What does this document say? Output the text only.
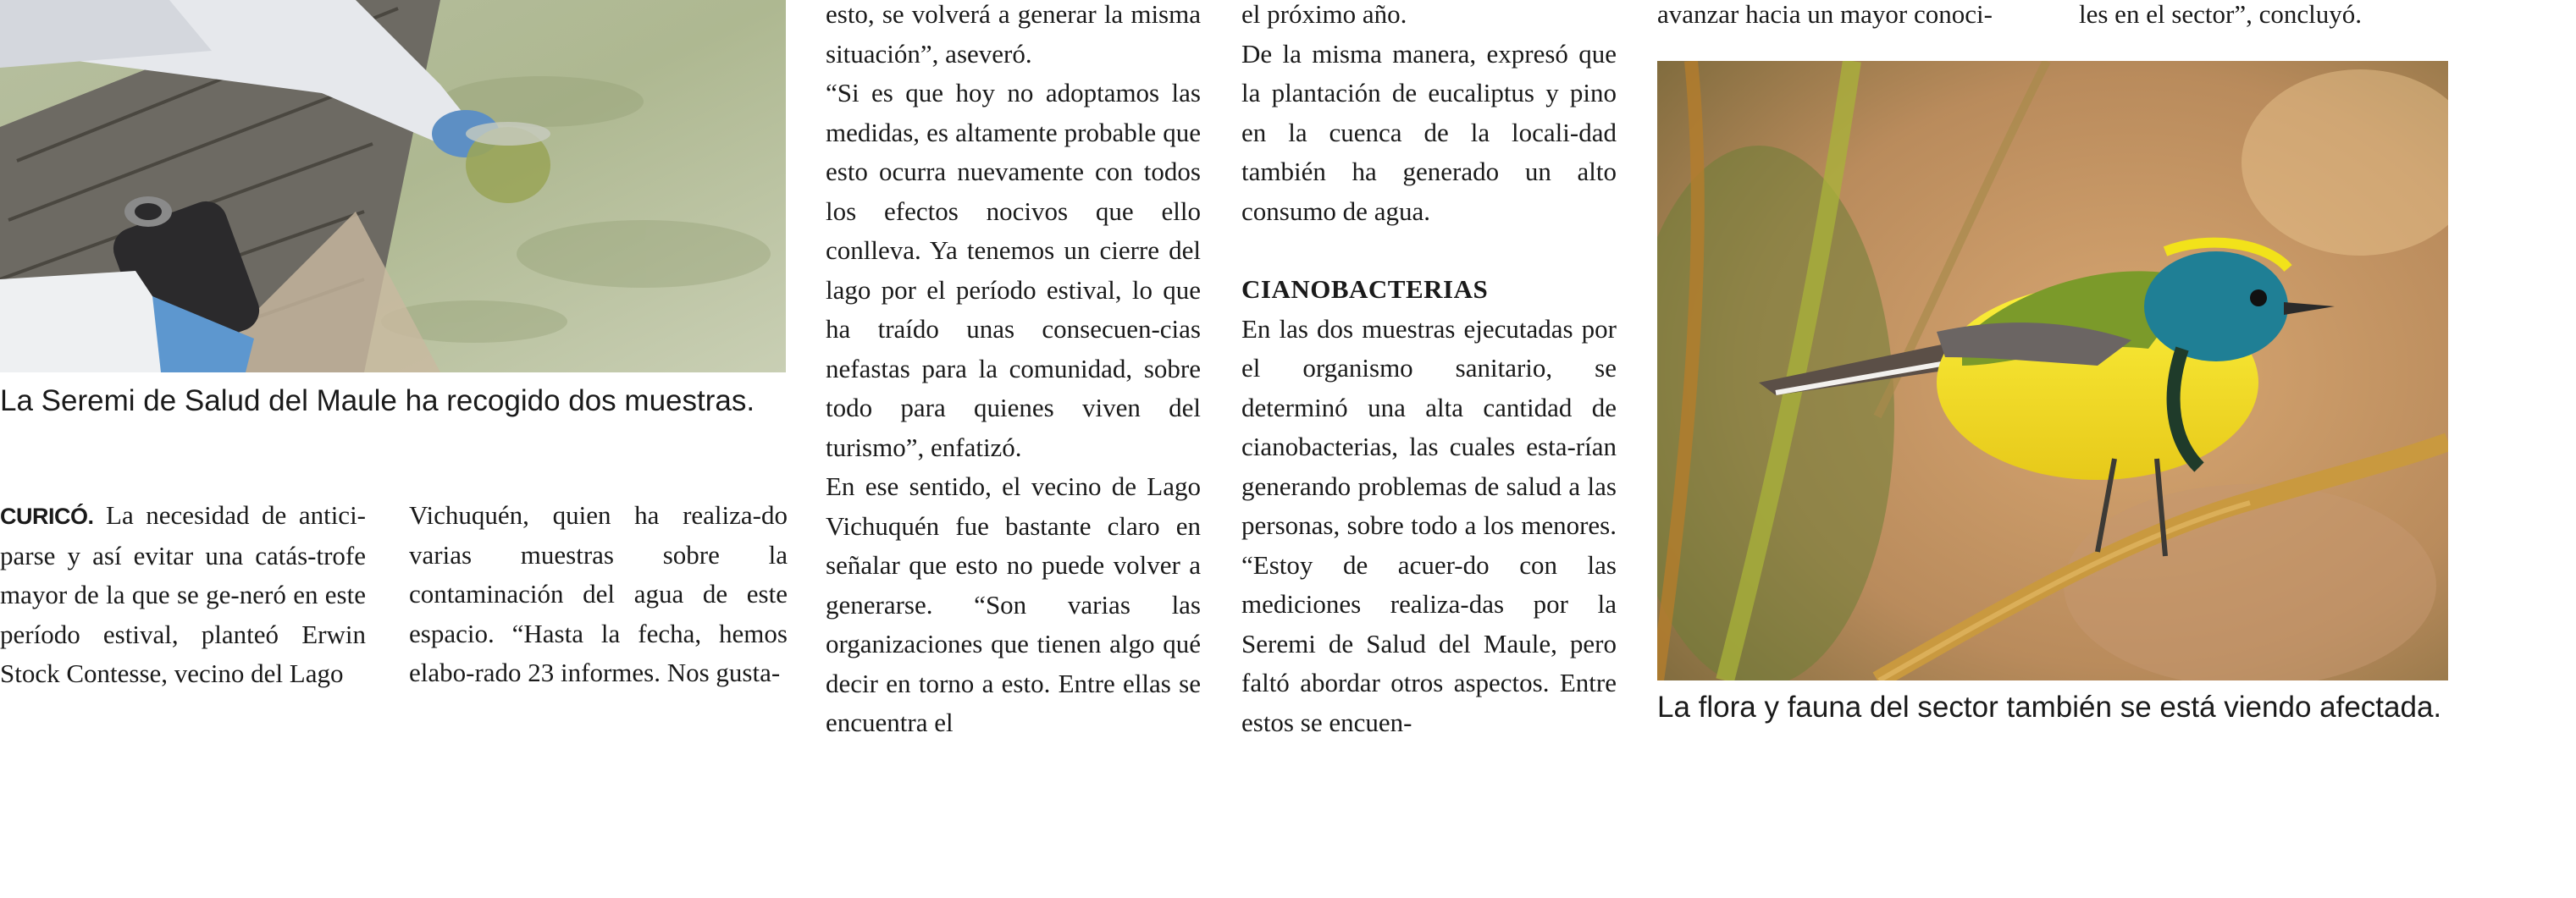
La Seremi de Salud del Maule ha recogido dos muestras.
La flora y fauna del sector también se está viendo afectada.

CURICÓ. La necesidad de antici-parse y así evitar una catás-trofe mayor de la que se ge-neró en este período estival, planteó Erwin Stock Contesse, vecino del Lago

Vichuquén, quien ha realiza-do varias muestras sobre la contaminación del agua de este espacio. “Hasta la fecha, hemos elabo-rado 23 informes. Nos gusta-

esto, se volverá a generar la misma situación”, aseveró.

“Si es que hoy no adoptamos las medidas, es altamente probable que esto ocurra nuevamente con todos los efectos nocivos que ello conlleva. Ya tenemos un cierre del lago por el período estival, lo que ha traído unas consecuen-cias nefastas para la comunidad, sobre todo para quienes viven del turismo”, enfatizó.

En ese sentido, el vecino de Lago Vichuquén fue bastante claro en señalar que esto no puede volver a generarse. “Son varias las organizaciones que tienen algo qué decir en torno a esto. Entre ellas se encuentra el

el próximo año.

De la misma manera, expresó que la plantación de eucaliptus y pino en la cuenca de la locali-dad también ha generado un alto consumo de agua.

CIANOBACTERIAS

En las dos muestras ejecutadas por el organismo sanitario, se determinó una alta cantidad de cianobacterias, las cuales esta-rían generando problemas de salud a las personas, sobre todo a los menores. “Estoy de acuer-do con las mediciones realiza-das por la Seremi de Salud del Maule, pero faltó abordar otros aspectos. Entre estos se encuen-

avanzar hacia un mayor conoci-	les en el sector”, concluyó.
